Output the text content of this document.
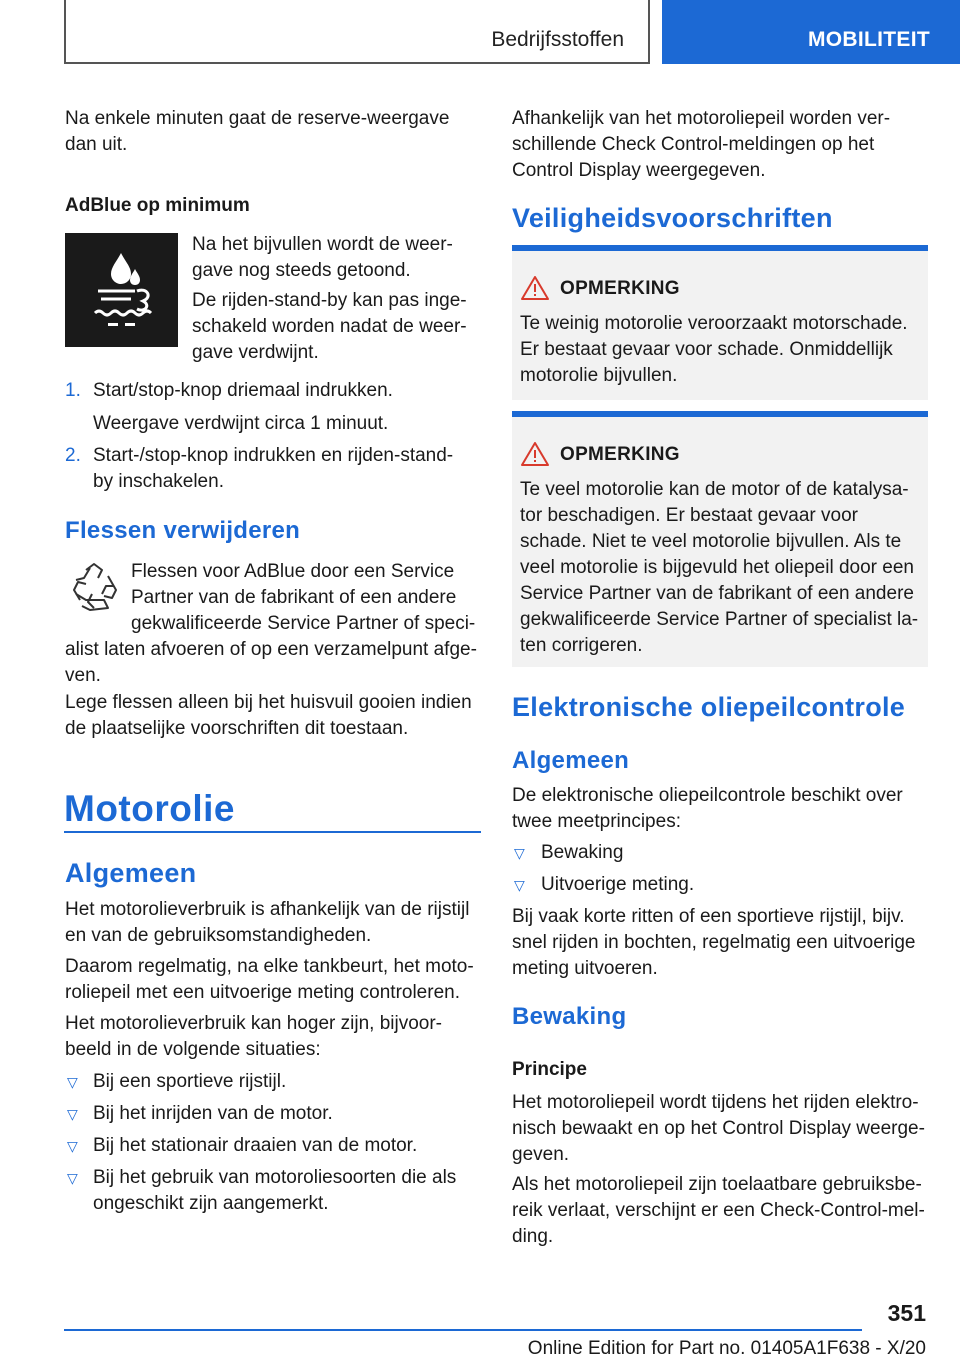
Bedrijfsstoffen	MOBILITEIT
Na enkele minuten gaat de reserve-weergave
dan uit.
AdBlue op minimum
Na het bijvullen wordt de weer-
gave nog steeds getoond.
De rijden-stand-by kan pas inge-
schakeld worden nadat de weer-
gave verdwijnt.
1. Start/stop-knop driemaal indrukken.
Weergave verdwijnt circa 1 minuut.
2. Start-/stop-knop indrukken en rijden-stand-
by inschakelen.
Flessen verwijderen
Flessen voor AdBlue door een Service
Partner van de fabrikant of een andere
gekwalificeerde Service Partner of speci-
alist laten afvoeren of op een verzamelpunt afge-
ven.
Lege flessen alleen bij het huisvuil gooien indien
de plaatselijke voorschriften dit toestaan.
Motorolie
Algemeen
Het motorolieverbruik is afhankelijk van de rijstijl
en van de gebruiksomstandigheden.
Daarom regelmatig, na elke tankbeurt, het moto-
roliepeil met een uitvoerige meting controleren.
Het motorolieverbruik kan hoger zijn, bijvoor-
beeld in de volgende situaties:
▽ Bij een sportieve rijstijl.
▽ Bij het inrijden van de motor.
▽ Bij het stationair draaien van de motor.
▽ Bij het gebruik van motoroliesoorten die als
ongeschikt zijn aangemerkt.
Afhankelijk van het motoroliepeil worden ver-
schillende Check Control-meldingen op het
Control Display weergegeven.
Veiligheidsvoorschriften
OPMERKING
Te weinig motorolie veroorzaakt motorschade.
Er bestaat gevaar voor schade. Onmiddellijk
motorolie bijvullen.
OPMERKING
Te veel motorolie kan de motor of de katalysa-
tor beschadigen. Er bestaat gevaar voor
schade. Niet te veel motorolie bijvullen. Als te
veel motorolie is bijgevuld het oliepeil door een
Service Partner van de fabrikant of een andere
gekwalificeerde Service Partner of specialist la-
ten corrigeren.
Elektronische oliepeilcontrole
Algemeen
De elektronische oliepeilcontrole beschikt over
twee meetprincipes:
▽ Bewaking
▽ Uitvoerige meting.
Bij vaak korte ritten of een sportieve rijstijl, bijv.
snel rijden in bochten, regelmatig een uitvoerige
meting uitvoeren.
Bewaking
Principe
Het motoroliepeil wordt tijdens het rijden elektro-
nisch bewaakt en op het Control Display weerge-
geven.
Als het motoroliepeil zijn toelaatbare gebruiksbe-
reik verlaat, verschijnt er een Check-Control-mel-
ding.
351
Online Edition for Part no. 01405A1F638 - X/20
